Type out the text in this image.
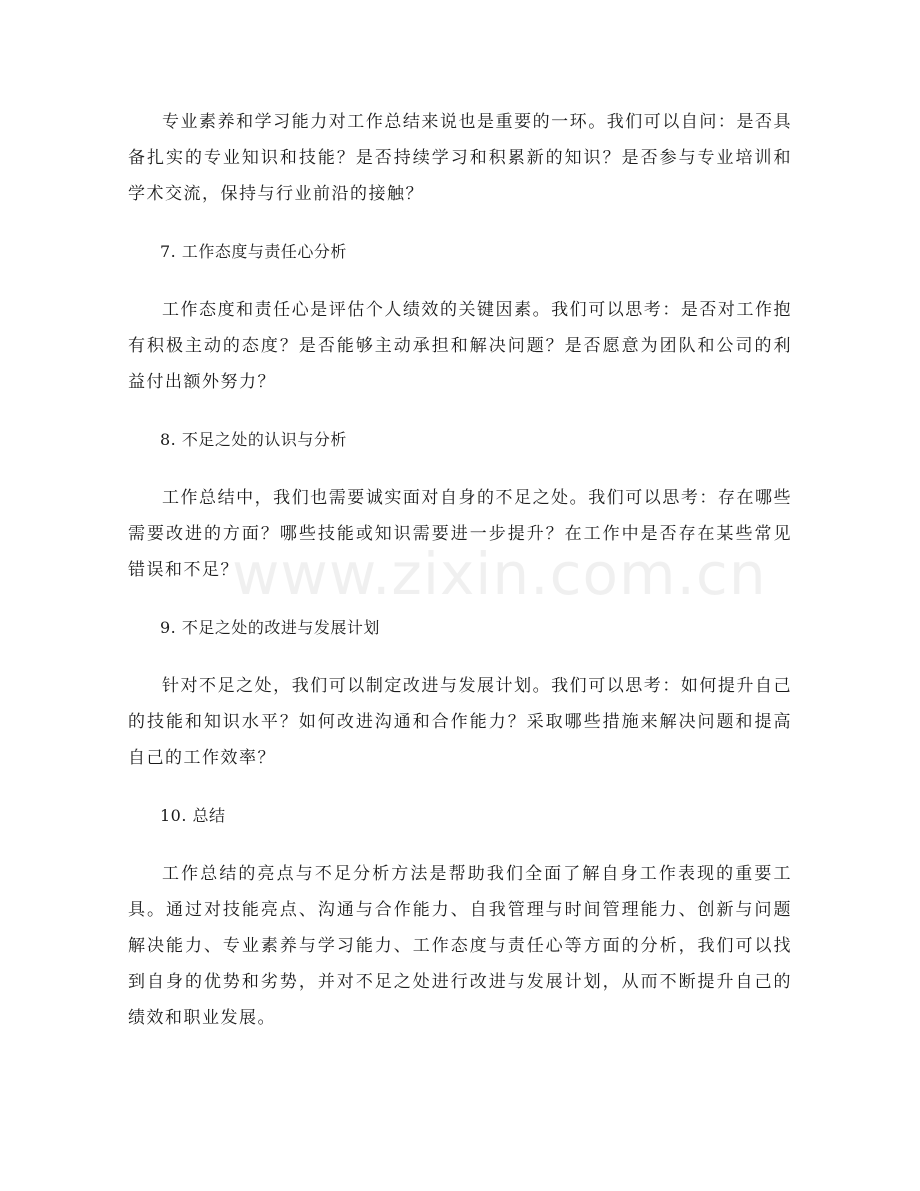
专业素养和学习能力对工作总结来说也是重要的一环。我们可以自问：是否具备扎实的专业知识和技能？是否持续学习和积累新的知识？是否参与专业培训和学术交流，保持与行业前沿的接触？

7. 工作态度与责任心分析

工作态度和责任心是评估个人绩效的关键因素。我们可以思考：是否对工作抱有积极主动的态度？是否能够主动承担和解决问题？是否愿意为团队和公司的利益付出额外努力？

8. 不足之处的认识与分析

工作总结中，我们也需要诚实面对自身的不足之处。我们可以思考：存在哪些需要改进的方面？哪些技能或知识需要进一步提升？在工作中是否存在某些常见错误和不足？

9. 不足之处的改进与发展计划

针对不足之处，我们可以制定改进与发展计划。我们可以思考：如何提升自己的技能和知识水平？如何改进沟通和合作能力？采取哪些措施来解决问题和提高自己的工作效率？

10. 总结

工作总结的亮点与不足分析方法是帮助我们全面了解自身工作表现的重要工具。通过对技能亮点、沟通与合作能力、自我管理与时间管理能力、创新与问题解决能力、专业素养与学习能力、工作态度与责任心等方面的分析，我们可以找到自身的优势和劣势，并对不足之处进行改进与发展计划，从而不断提升自己的绩效和职业发展。

www.zixin.com.cn
